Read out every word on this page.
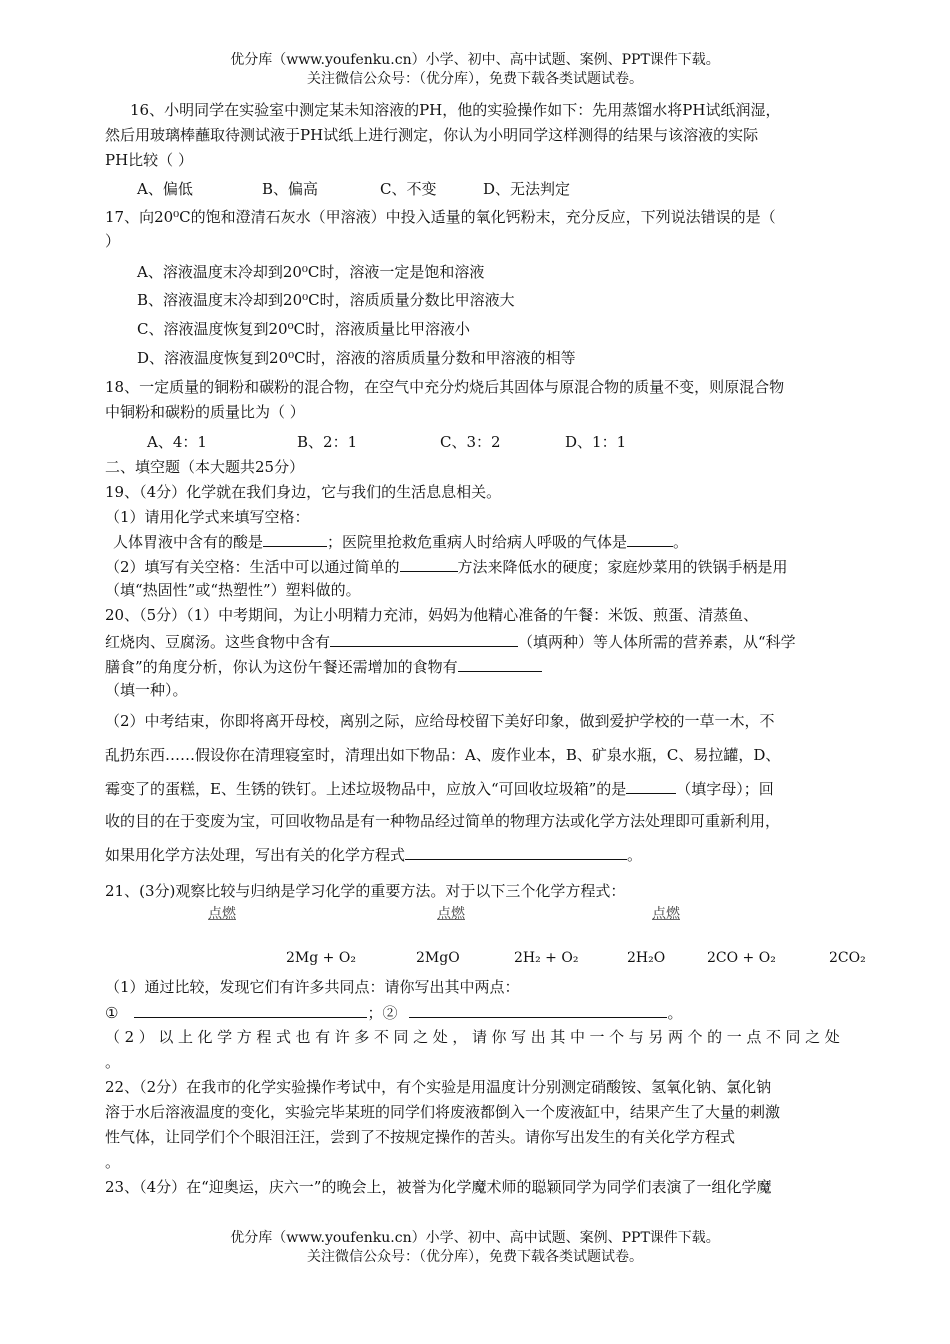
优分库（www.youfenku.cn）小学、初中、高中试题、案例、PPT课件下载。
关注微信公众号：（优分库），免费下载各类试题试卷。
16、小明同学在实验室中测定某未知溶液的PH，他的实验操作如下：先用蒸馏水将PH试纸润湿，
然后用玻璃棒蘸取待测试液于PH试纸上进行测定，你认为小明同学这样测得的结果与该溶液的实际
PH比较（ ）
A、偏低	B、偏高	C、不变	D、无法判定
17、向20⁰C的饱和澄清石灰水（甲溶液）中投入适量的氧化钙粉末，充分反应，下列说法错误的是（
）
A、溶液温度末冷却到20⁰C时，溶液一定是饱和溶液
B、溶液温度末冷却到20⁰C时，溶质质量分数比甲溶液大
C、溶液温度恢复到20⁰C时，溶液质量比甲溶液小
D、溶液温度恢复到20⁰C时，溶液的溶质质量分数和甲溶液的相等
18、一定质量的铜粉和碳粉的混合物，在空气中充分灼烧后其固体与原混合物的质量不变，则原混合物
中铜粉和碳粉的质量比为（ ）
A、4：1	B、2：1	C、3：2	D、1：1
二、填空题（本大题共25分）
19、（4分）化学就在我们身边，它与我们的生活息息相关。
（1）请用化学式来填写空格：
人体胃液中含有的酸是	；医院里抢救危重病人时给病人呼吸的气体是	。
（2）填写有关空格：生活中可以通过简单的	方法来降低水的硬度；家庭炒菜用的铁锅手柄是用
（填“热固性”或“热塑性”）塑料做的。
20、（5分）（1）中考期间，为让小明精力充沛，妈妈为他精心准备的午餐：米饭、煎蛋、清蒸鱼、
红烧肉、豆腐汤。这些食物中含有	（填两种）等人体所需的营养素，从“科学
膳食”的角度分析，你认为这份午餐还需增加的食物有
（填一种）。
（2）中考结束，你即将离开母校，离别之际，应给母校留下美好印象，做到爱护学校的一草一木，不
乱扔东西……假设你在清理寝室时，清理出如下物品：A、废作业本，B、矿泉水瓶，C、易拉罐，D、
霉变了的蛋糕，E、生锈的铁钉。上述垃圾物品中，应放入“可回收垃圾箱”的是	（填字母）；回
收的目的在于变废为宝，可回收物品是有一种物品经过简单的物理方法或化学方法处理即可重新利用，
如果用化学方法处理，写出有关的化学方程式	。
21、(3分)观察比较与归纳是学习化学的重要方法。对于以下三个化学方程式：
点燃	点燃	点燃
2Mg + O₂	2MgO	2H₂ + O₂	2H₂O	2CO + O₂	2CO₂
（1）通过比较，发现它们有许多共同点：请你写出其中两点：
①	；②	。
（2）以上化学方程式也有许多不同之处，请你写出其中一个与另两个的一点不同之处
。
22、（2分）在我市的化学实验操作考试中，有个实验是用温度计分别测定硝酸铵、氢氧化钠、氯化钠
溶于水后溶液温度的变化，实验完毕某班的同学们将废液都倒入一个废液缸中，结果产生了大量的刺激
性气体，让同学们个个眼泪汪汪，尝到了不按规定操作的苦头。请你写出发生的有关化学方程式
。
23、（4分）在“迎奥运，庆六一”的晚会上，被誉为化学魔术师的聪颖同学为同学们表演了一组化学魔
优分库（www.youfenku.cn）小学、初中、高中试题、案例、PPT课件下载。
关注微信公众号：（优分库），免费下载各类试题试卷。
